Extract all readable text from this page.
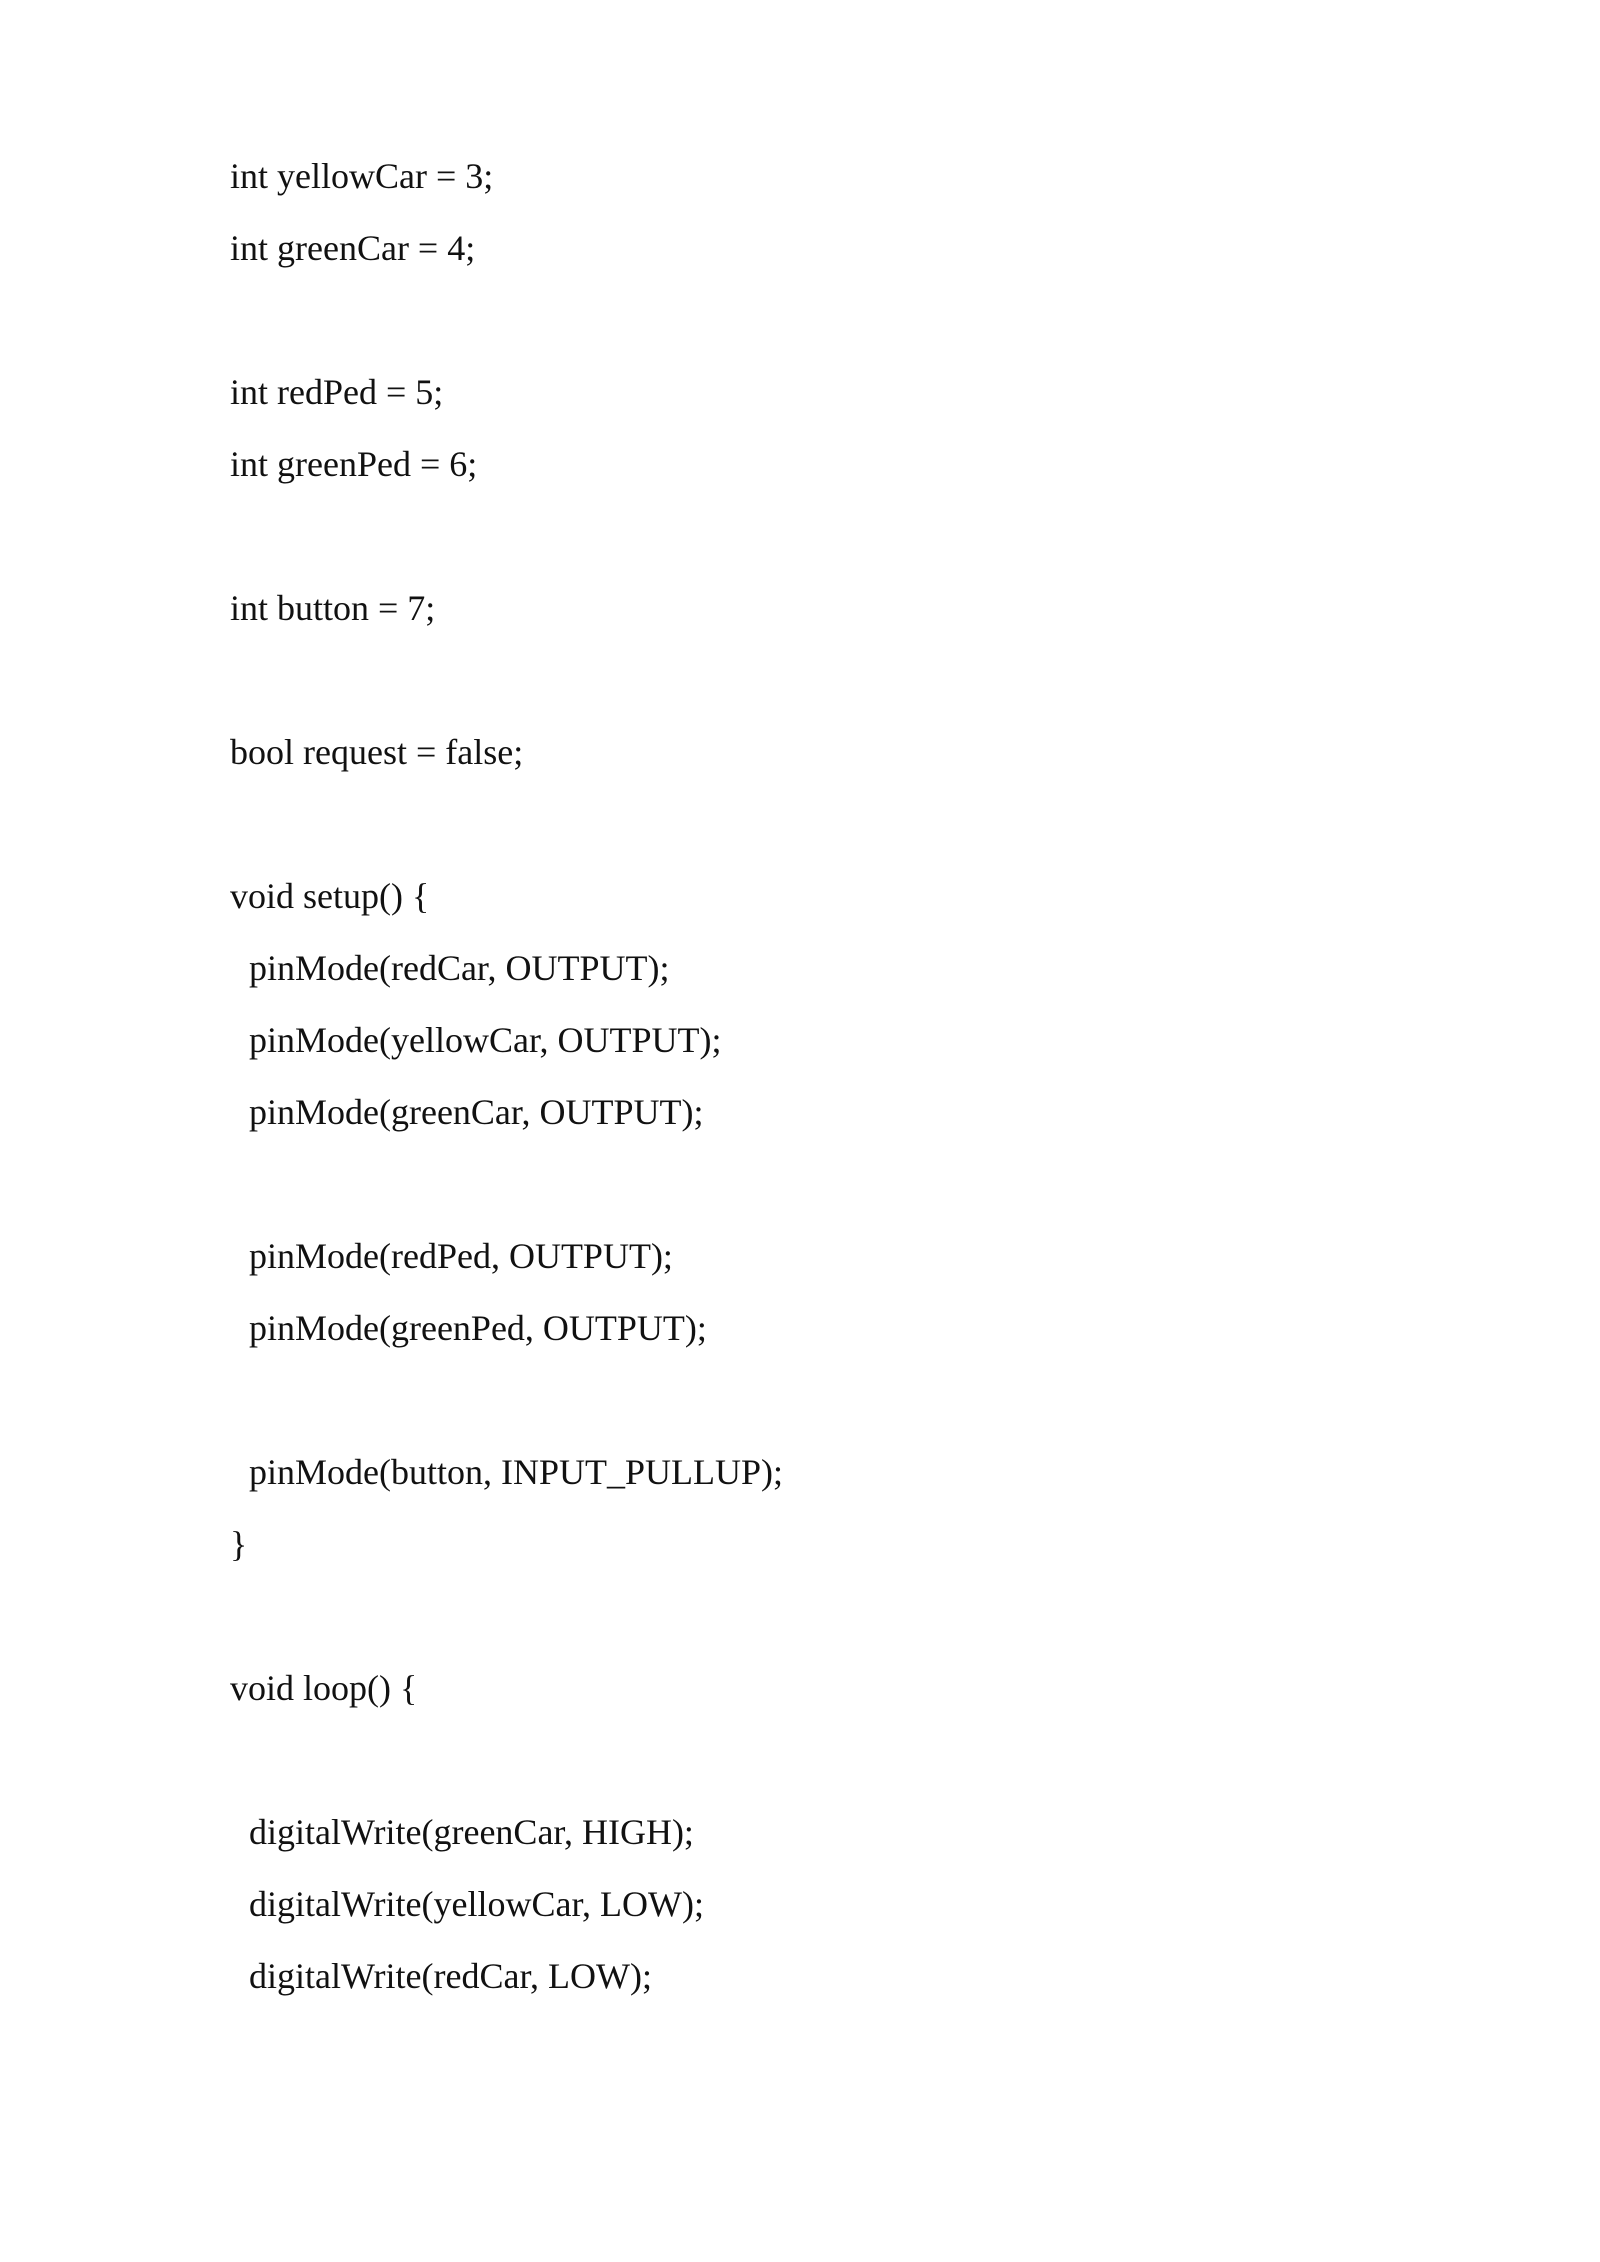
int yellowCar = 3;
int greenCar = 4;
int redPed = 5;
int greenPed = 6;
int button = 7;
bool request = false;
void setup() {
pinMode(redCar, OUTPUT);
pinMode(yellowCar, OUTPUT);
pinMode(greenCar, OUTPUT);
pinMode(redPed, OUTPUT);
pinMode(greenPed, OUTPUT);
pinMode(button, INPUT_PULLUP);
}
void loop() {
digitalWrite(greenCar, HIGH);
digitalWrite(yellowCar, LOW);
digitalWrite(redCar, LOW);
